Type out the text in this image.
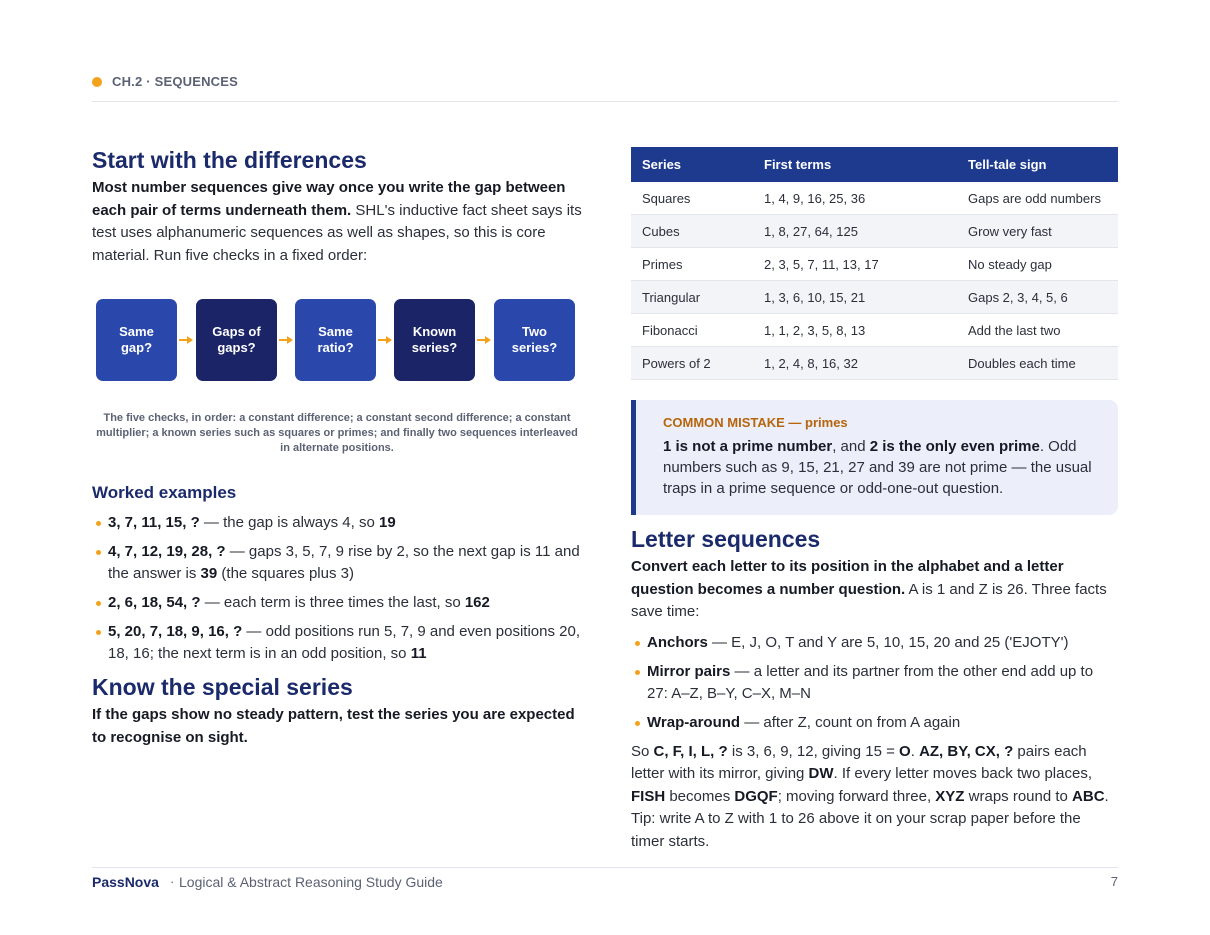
CH.2 · SEQUENCES
Start with the differences

Most number sequences give way once you write the gap between each pair of terms underneath them. SHL's inductive fact sheet says its test uses alphanumeric sequences as well as shapes, so this is core material. Run five checks in a fixed order:

Same
gap?
Gaps of
gaps?
Same
ratio?
Known
series?
Two
series?
The five checks, in order: a constant difference; a constant second difference; a constant multiplier; a known series such as squares or primes; and finally two sequences interleaved in alternate positions.
Worked examples
3, 7, 11, 15, ? — the gap is always 4, so 19
4, 7, 12, 19, 28, ? — gaps 3, 5, 7, 9 rise by 2, so the next gap is 11 and the answer is 39 (the squares plus 3)
2, 6, 18, 54, ? — each term is three times the last, so 162
5, 20, 7, 18, 9, 16, ? — odd positions run 5, 7, 9 and even positions 20, 18, 16; the next term is in an odd position, so 11
Know the special series

If the gaps show no steady pattern, test the series you are expected to recognise on sight.

Series	First terms	Tell-tale sign
Squares	1, 4, 9, 16, 25, 36	Gaps are odd numbers
Cubes	1, 8, 27, 64, 125	Grow very fast
Primes	2, 3, 5, 7, 11, 13, 17	No steady gap
Triangular	1, 3, 6, 10, 15, 21	Gaps 2, 3, 4, 5, 6
Fibonacci	1, 1, 2, 3, 5, 8, 13	Add the last two
Powers of 2	1, 2, 4, 8, 16, 32	Doubles each time
COMMON MISTAKE — primes
1 is not a prime number, and 2 is the only even prime. Odd numbers such as 9, 15, 21, 27 and 39 are not prime — the usual traps in a prime sequence or odd-one-out question.
Letter sequences

Convert each letter to its position in the alphabet and a letter question becomes a number question. A is 1 and Z is 26. Three facts save time:

Anchors — E, J, O, T and Y are 5, 10, 15, 20 and 25 ('EJOTY')
Mirror pairs — a letter and its partner from the other end add up to 27: A–Z, B–Y, C–X, M–N
Wrap-around — after Z, count on from A again

So C, F, I, L, ? is 3, 6, 9, 12, giving 15 = O. AZ, BY, CX, ? pairs each letter with its mirror, giving DW. If every letter moves back two places, FISH becomes DGQF; moving forward three, XYZ wraps round to ABC. Tip: write A to Z with 1 to 26 above it on your scrap paper before the timer starts.

PassNova · Logical & Abstract Reasoning Study Guide	7
